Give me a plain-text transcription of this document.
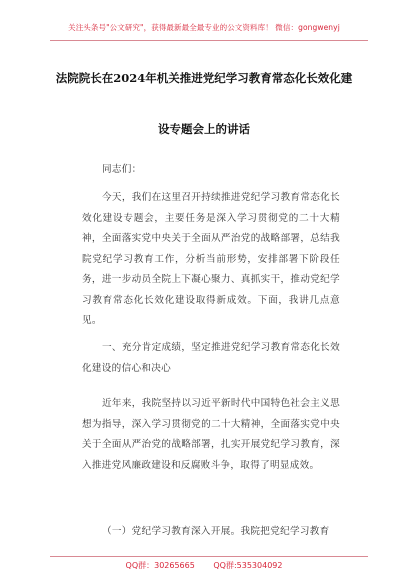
关注头条号"公文研究"，获得最新最全最专业的公文资料库！ 微信：gongwenyj
法院院长在2024年机关推进党纪学习教育常态化长效化建
设专题会上的讲话
同志们：
今天，我们在这里召开持续推进党纪学习教育常态化长效化建设专题会，主要任务是深入学习贯彻党的二十大精神，全面落实党中央关于全面从严治党的战略部署，总结我院党纪学习教育工作，分析当前形势，安排部署下阶段任务，进一步动员全院上下凝心聚力、真抓实干，推动党纪学习教育常态化长效化建设取得新成效。下面，我讲几点意见。
一、充分肯定成绩，坚定推进党纪学习教育常态化长效化建设的信心和决心
近年来，我院坚持以习近平新时代中国特色社会主义思想为指导，深入学习贯彻党的二十大精神，全面落实党中央关于全面从严治党的战略部署，扎实开展党纪学习教育，深入推进党风廉政建设和反腐败斗争，取得了明显成效。
（一）党纪学习教育深入开展。我院把党纪学习教育
QQ群：30265665 QQ群:535304092
